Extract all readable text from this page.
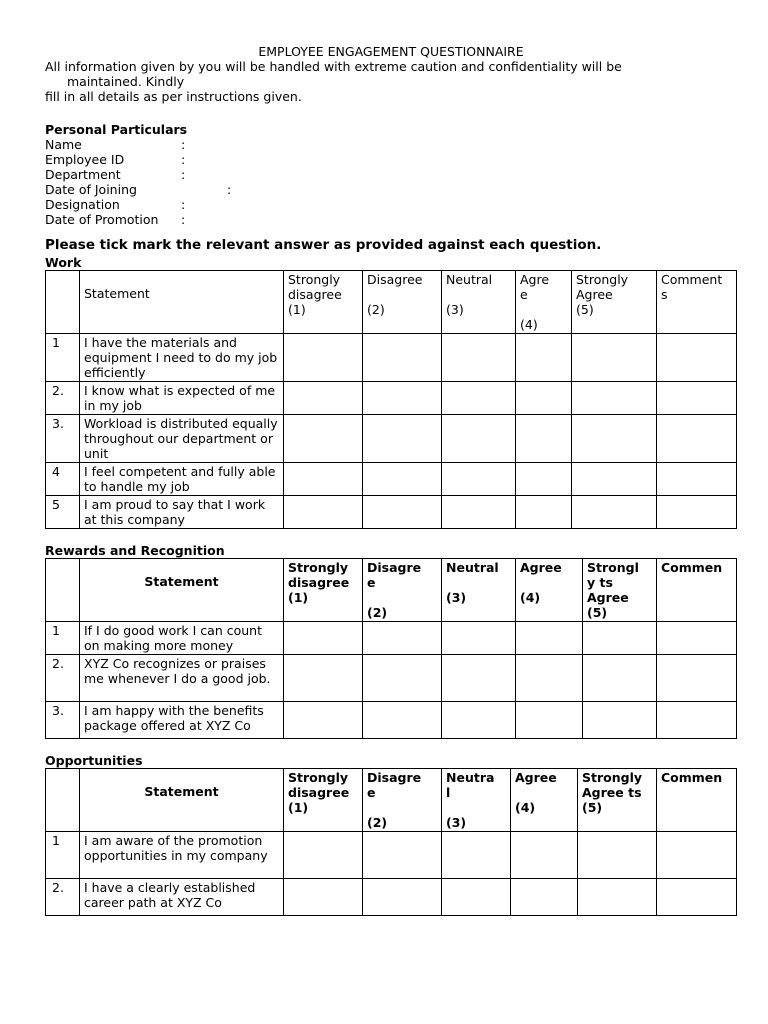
EMPLOYEE ENGAGEMENT QUESTIONNAIRE
All information given by you will be handled with extreme caution and confidentiality will be
maintained. Kindly
fill in all details as per instructions given.
Personal Particulars
Name	:
Employee ID	:
Department	:
Date of Joining	:
Designation	:
Date of Promotion	:
Please tick mark the relevant answer as provided against each question.
Work
	Statement	Strongly
disagree
(1)	Disagree

(2)	Neutral

(3)	Agre
e

(4)	Strongly
Agree
(5)	Comment
s
1	I have the materials and equipment I need to do my job efficiently						
2.	I know what is expected of me in my job						
3.	Workload is distributed equally throughout our department or unit						
4	I feel competent and fully able to handle my job						
5	I am proud to say that I work at this company						
Rewards and Recognition
	Statement	Strongly
disagree
(1)	Disagre
e

(2)	Neutral

(3)	Agree

(4)	Strongl
y ts
Agree
(5)	Commen
1	If I do good work I can count on making more money						
2.	XYZ Co recognizes or praises me whenever I do a good job.						
3.	I am happy with the benefits package offered at XYZ Co						
Opportunities
	Statement	Strongly
disagree
(1)	Disagre
e

(2)	Neutra
l

(3)	Agree

(4)	Strongly
Agree ts
(5)	Commen
1	I am aware of the promotion opportunities in my company						
2.	I have a clearly established career path at XYZ Co						
